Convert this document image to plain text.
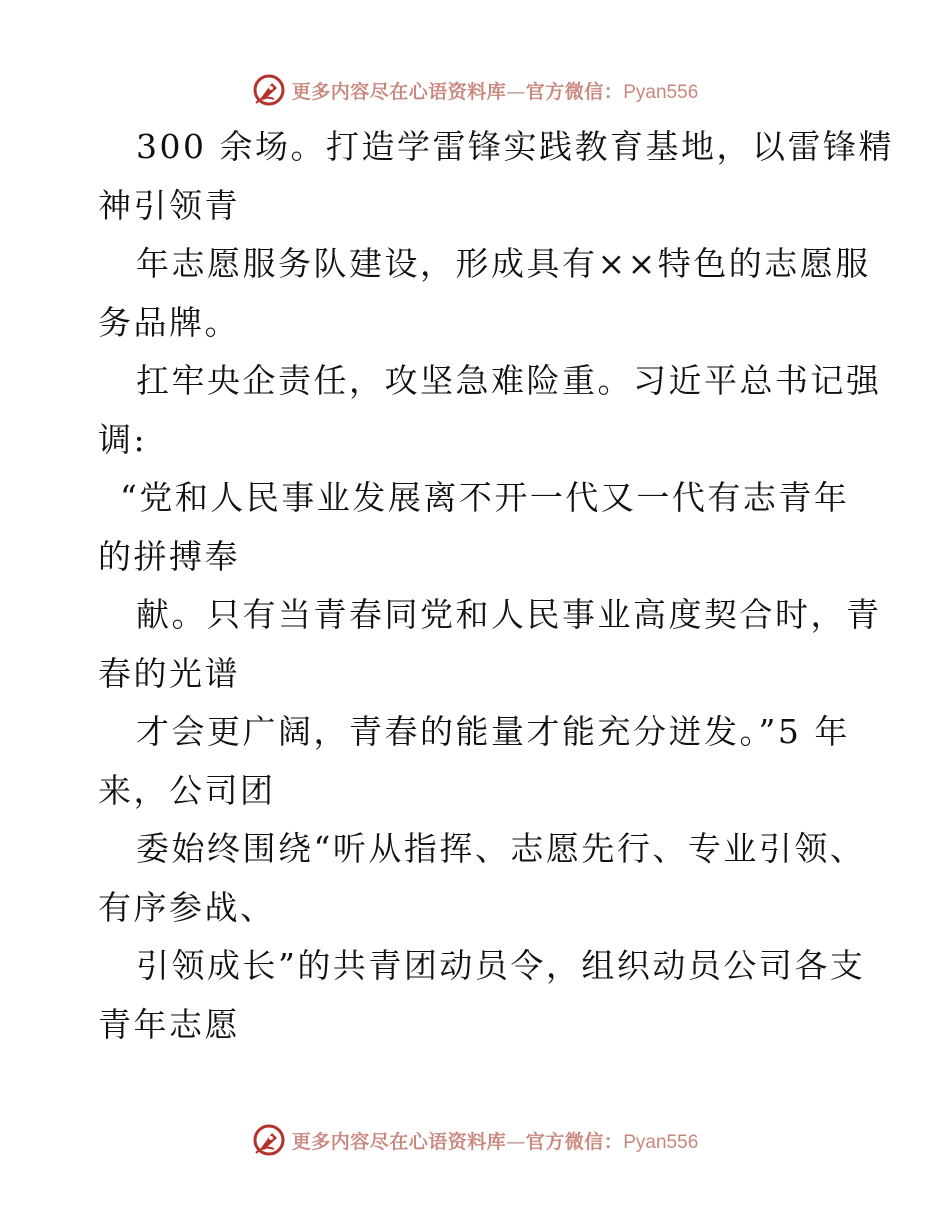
更多内容尽在心语资料库—官方微信：Pyan556
300 余场。打造学雷锋实践教育基地，以雷锋精
神引领青
年志愿服务队建设，形成具有××特色的志愿服
务品牌。
扛牢央企责任，攻坚急难险重。习近平总书记强
调:
“党和人民事业发展离不开一代又一代有志青年
的拼搏奉
献。只有当青春同党和人民事业高度契合时，青
春的光谱
才会更广阔，青春的能量才能充分迸发。”5 年
来，公司团
委始终围绕“听从指挥、志愿先行、专业引领、
有序参战、
引领成长”的共青团动员令，组织动员公司各支
青年志愿
更多内容尽在心语资料库—官方微信：Pyan556
